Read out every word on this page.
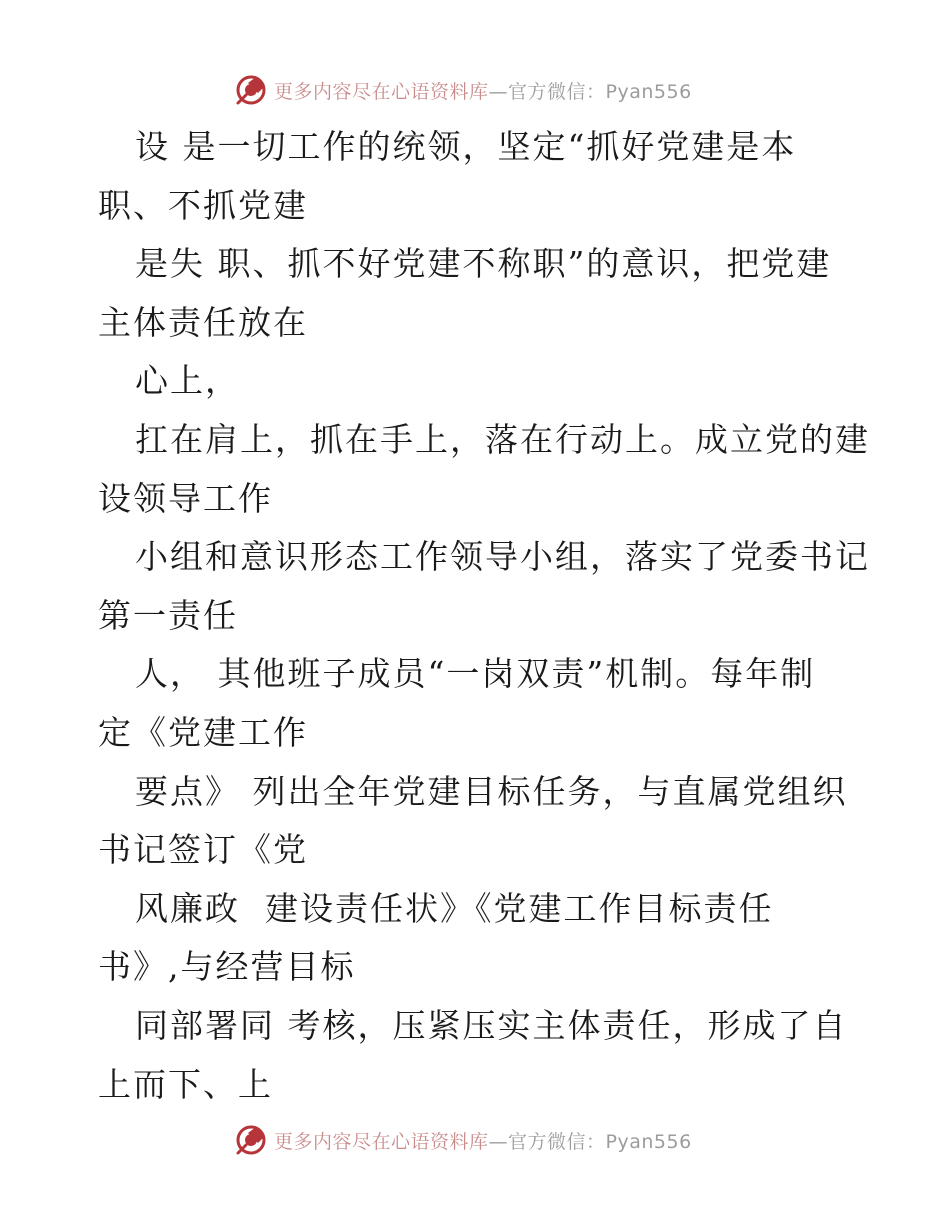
更多内容尽在心语资料库—官方微信：Pyan556
设 是一切工作的统领，坚定“抓好党建是本
职、不抓党建
是失 职、抓不好党建不称职”的意识，把党建
主体责任放在
心上，
扛在肩上，抓在手上，落在行动上。成立党的建
设领导工作
小组和意识形态工作领导小组，落实了党委书记
第一责任
人， 其他班子成员“一岗双责”机制。每年制
定《党建工作
要点》 列出全年党建目标任务，与直属党组织
书记签订《党
风廉政  建设责任状》《党建工作目标责任
书》,与经营目标
同部署同 考核，压紧压实主体责任，形成了自
上而下、上
更多内容尽在心语资料库—官方微信：Pyan556
